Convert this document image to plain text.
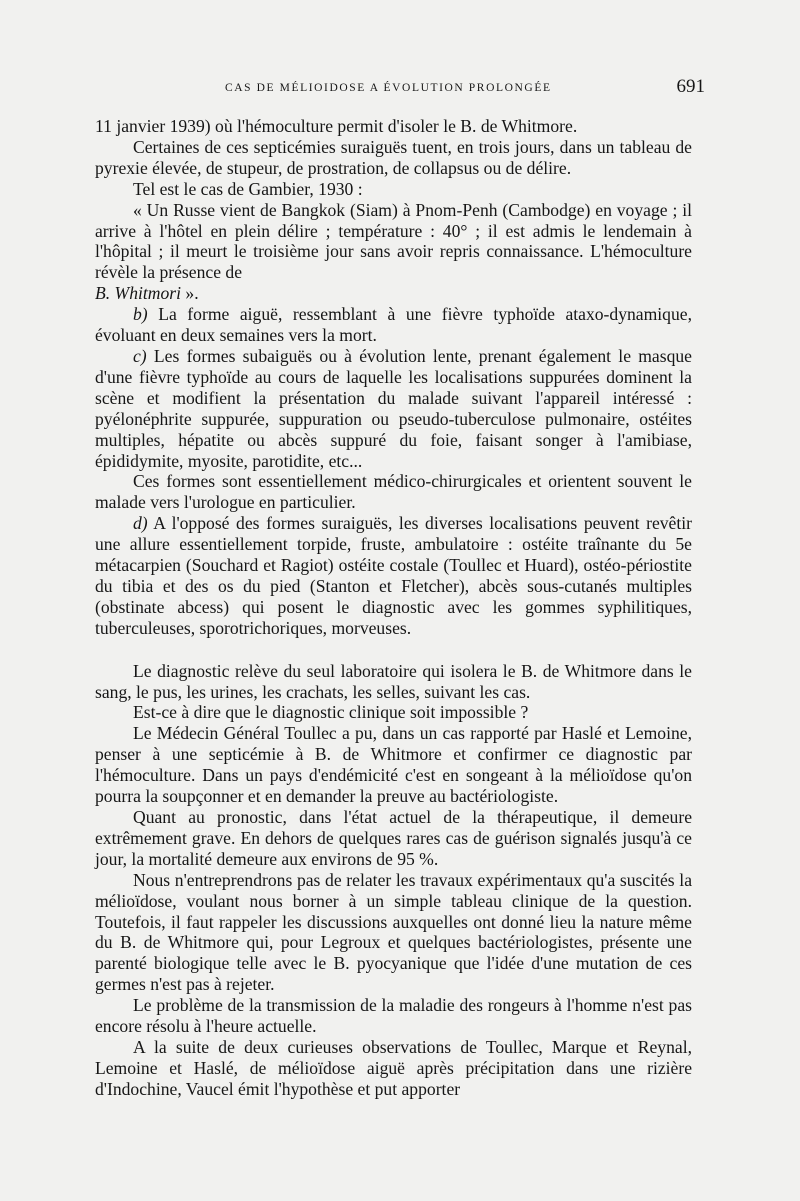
CAS DE MÉLIOIDOSE A ÉVOLUTION PROLONGÉE	691

11 janvier 1939) où l'hémoculture permit d'isoler le B. de Whitmore.

Certaines de ces septicémies suraiguës tuent, en trois jours, dans un tableau de pyrexie élevée, de stupeur, de prostration, de collapsus ou de délire.

Tel est le cas de Gambier, 1930 :

« Un Russe vient de Bangkok (Siam) à Pnom-Penh (Cambodge) en voyage ; il arrive à l'hôtel en plein délire ; température : 40° ; il est admis le lendemain à l'hôpital ; il meurt le troisième jour sans avoir repris connaissance. L'hémoculture révèle la présence de
B. Whitmori ».

b) La forme aiguë, ressemblant à une fièvre typhoïde ataxo-dynamique, évoluant en deux semaines vers la mort.

c) Les formes subaiguës ou à évolution lente, prenant également le masque d'une fièvre typhoïde au cours de laquelle les localisations suppurées dominent la scène et modifient la présentation du malade suivant l'appareil intéressé : pyélonéphrite suppurée, suppuration ou pseudo-tuberculose pulmonaire, ostéites multiples, hépatite ou abcès suppuré du foie, faisant songer à l'amibiase, épididymite, myosite, parotidite, etc...

Ces formes sont essentiellement médico-chirurgicales et orientent souvent le malade vers l'urologue en particulier.

d) A l'opposé des formes suraiguës, les diverses localisations peuvent revêtir une allure essentiellement torpide, fruste, ambulatoire : ostéite traînante du 5e métacarpien (Souchard et Ragiot) ostéite costale (Toullec et Huard), ostéo-périostite du tibia et des os du pied (Stanton et Fletcher), abcès sous-cutanés multiples (obstinate abcess) qui posent le diagnostic avec les gommes syphilitiques, tuberculeuses, sporotrichoriques, morveuses.

Le diagnostic relève du seul laboratoire qui isolera le B. de Whitmore dans le sang, le pus, les urines, les crachats, les selles, suivant les cas.

Est-ce à dire que le diagnostic clinique soit impossible ?

Le Médecin Général Toullec a pu, dans un cas rapporté par Haslé et Lemoine, penser à une septicémie à B. de Whitmore et confirmer ce diagnostic par l'hémoculture. Dans un pays d'endémicité c'est en songeant à la mélioïdose qu'on pourra la soupçonner et en demander la preuve au bactériologiste.

Quant au pronostic, dans l'état actuel de la thérapeutique, il demeure extrêmement grave. En dehors de quelques rares cas de guérison signalés jusqu'à ce jour, la mortalité demeure aux environs de 95 %.

Nous n'entreprendrons pas de relater les travaux expérimentaux qu'a suscités la mélioïdose, voulant nous borner à un simple tableau clinique de la question. Toutefois, il faut rappeler les discussions auxquelles ont donné lieu la nature même du B. de Whitmore qui, pour Legroux et quelques bactériologistes, présente une parenté biologique telle avec le B. pyocyanique que l'idée d'une mutation de ces germes n'est pas à rejeter.

Le problème de la transmission de la maladie des rongeurs à l'homme n'est pas encore résolu à l'heure actuelle.

A la suite de deux curieuses observations de Toullec, Marque et Reynal, Lemoine et Haslé, de mélioïdose aiguë après précipitation dans une rizière d'Indochine, Vaucel émit l'hypothèse et put apporter
